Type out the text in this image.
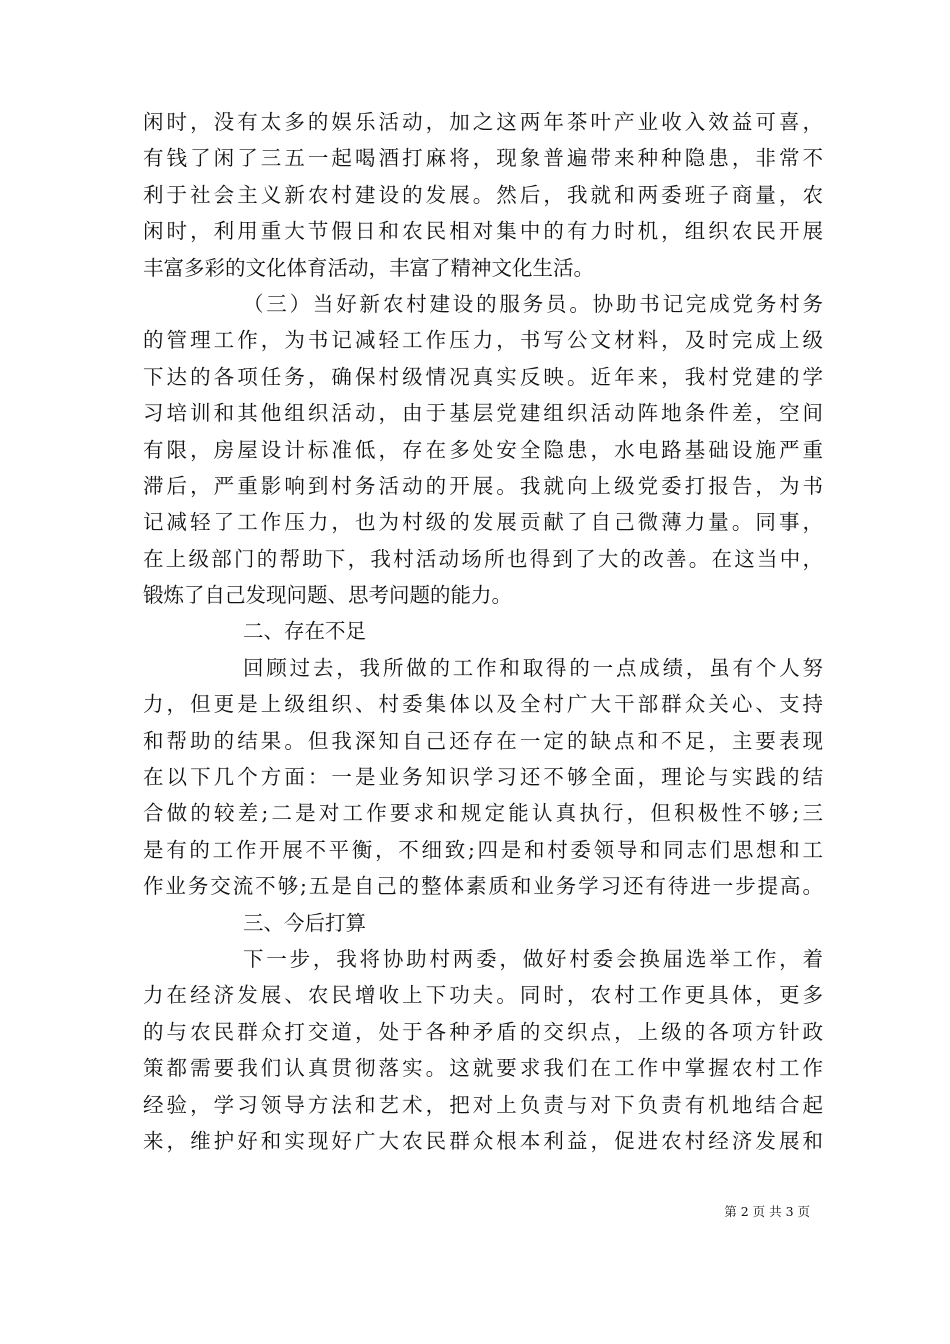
闲时，没有太多的娱乐活动，加之这两年茶叶产业收入效益可喜，
有钱了闲了三五一起喝酒打麻将，现象普遍带来种种隐患，非常不
利于社会主义新农村建设的发展。然后，我就和两委班子商量，农
闲时，利用重大节假日和农民相对集中的有力时机，组织农民开展
丰富多彩的文化体育活动，丰富了精神文化生活。
（三）当好新农村建设的服务员。协助书记完成党务村务
的管理工作，为书记减轻工作压力，书写公文材料，及时完成上级
下达的各项任务，确保村级情况真实反映。近年来，我村党建的学
习培训和其他组织活动，由于基层党建组织活动阵地条件差，空间
有限，房屋设计标准低，存在多处安全隐患，水电路基础设施严重
滞后，严重影响到村务活动的开展。我就向上级党委打报告，为书
记减轻了工作压力，也为村级的发展贡献了自己微薄力量。同事，
在上级部门的帮助下，我村活动场所也得到了大的改善。在这当中，
锻炼了自己发现问题、思考问题的能力。
二、存在不足
回顾过去，我所做的工作和取得的一点成绩，虽有个人努
力，但更是上级组织、村委集体以及全村广大干部群众关心、支持
和帮助的结果。但我深知自己还存在一定的缺点和不足，主要表现
在以下几个方面：一是业务知识学习还不够全面，理论与实践的结
合做的较差;二是对工作要求和规定能认真执行，但积极性不够;三
是有的工作开展不平衡，不细致;四是和村委领导和同志们思想和工
作业务交流不够;五是自己的整体素质和业务学习还有待进一步提高。
三、今后打算
下一步，我将协助村两委，做好村委会换届选举工作，着
力在经济发展、农民增收上下功夫。同时，农村工作更具体，更多
的与农民群众打交道，处于各种矛盾的交织点，上级的各项方针政
策都需要我们认真贯彻落实。这就要求我们在工作中掌握农村工作
经验，学习领导方法和艺术，把对上负责与对下负责有机地结合起
来，维护好和实现好广大农民群众根本利益，促进农村经济发展和
第 2 页 共 3 页
